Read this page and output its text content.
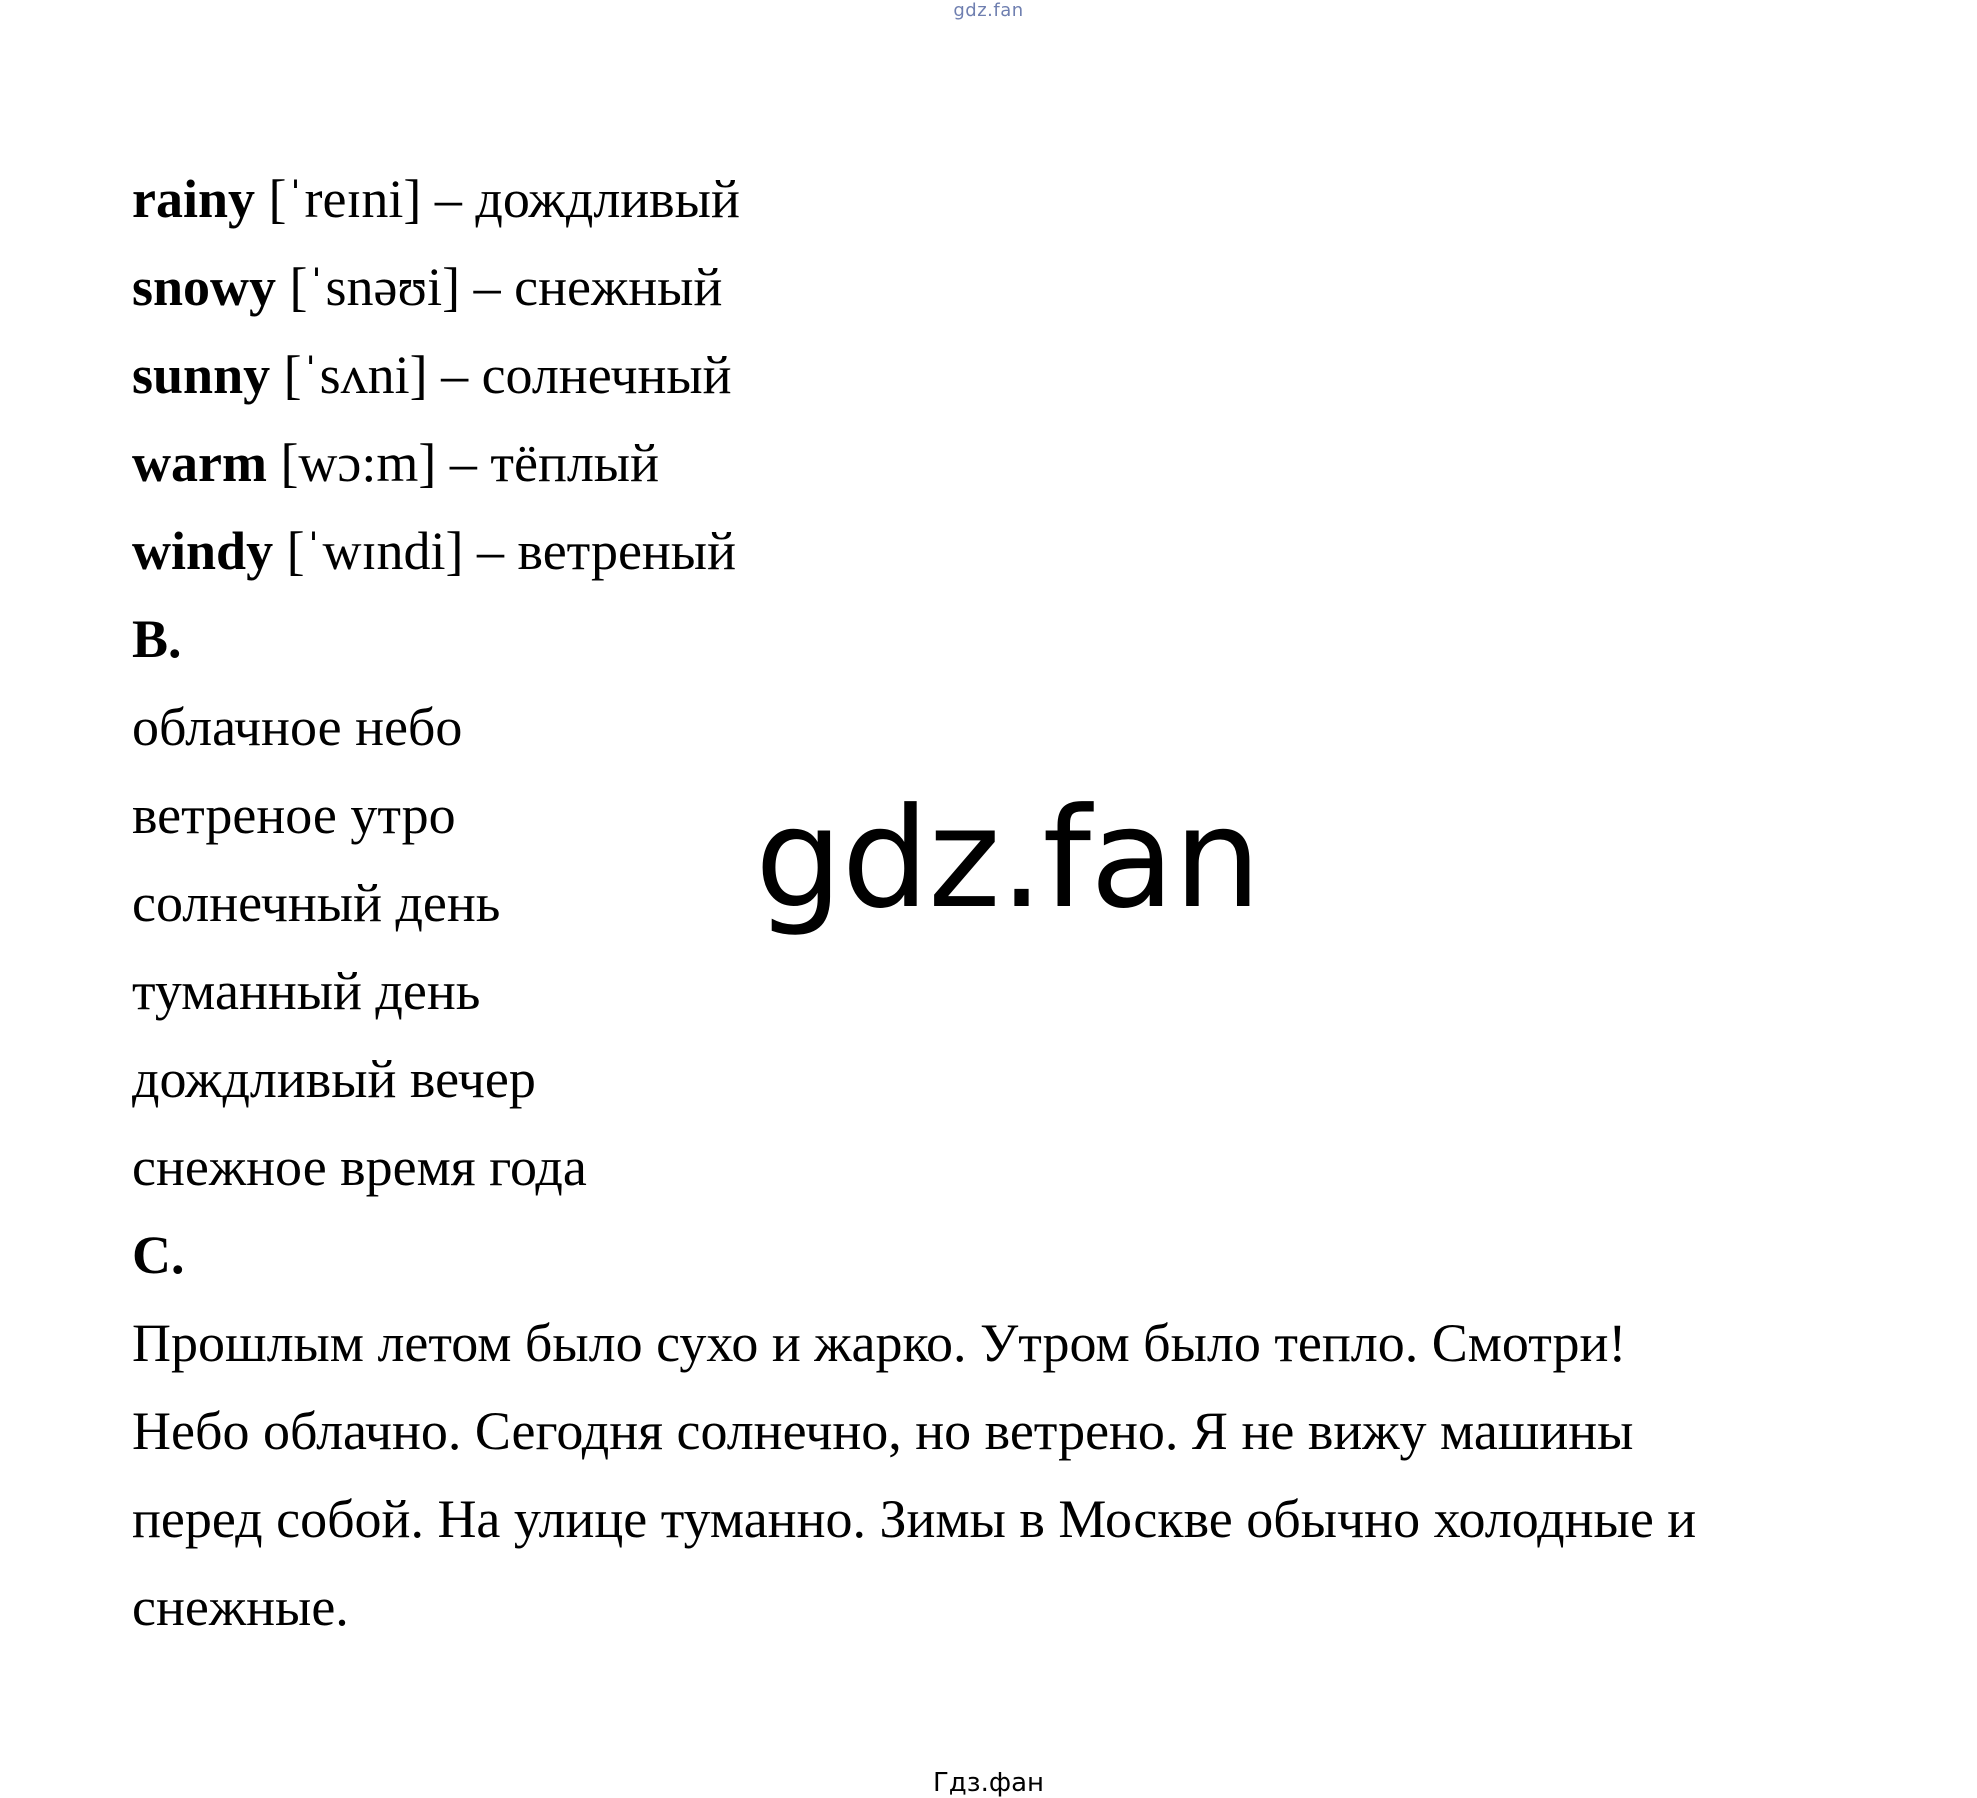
gdz.fan
rainy [ˈreɪni] – дождливый
snowy [ˈsnəʊi] – снежный
sunny [ˈsʌni] – солнечный
warm [wɔ:m] – тёплый
windy [ˈwɪndi] – ветреный
B.
облачное небо
ветреное утро
солнечный день
туманный день
дождливый вечер
снежное время года
C.
Прошлым летом было сухо и жарко. Утром было тепло. Смотри!
Небо облачно. Сегодня солнечно, но ветрено. Я не вижу машины
перед собой. На улице туманно. Зимы в Москве обычно холодные и
снежные.
gdz.fan
Гдз.фан
